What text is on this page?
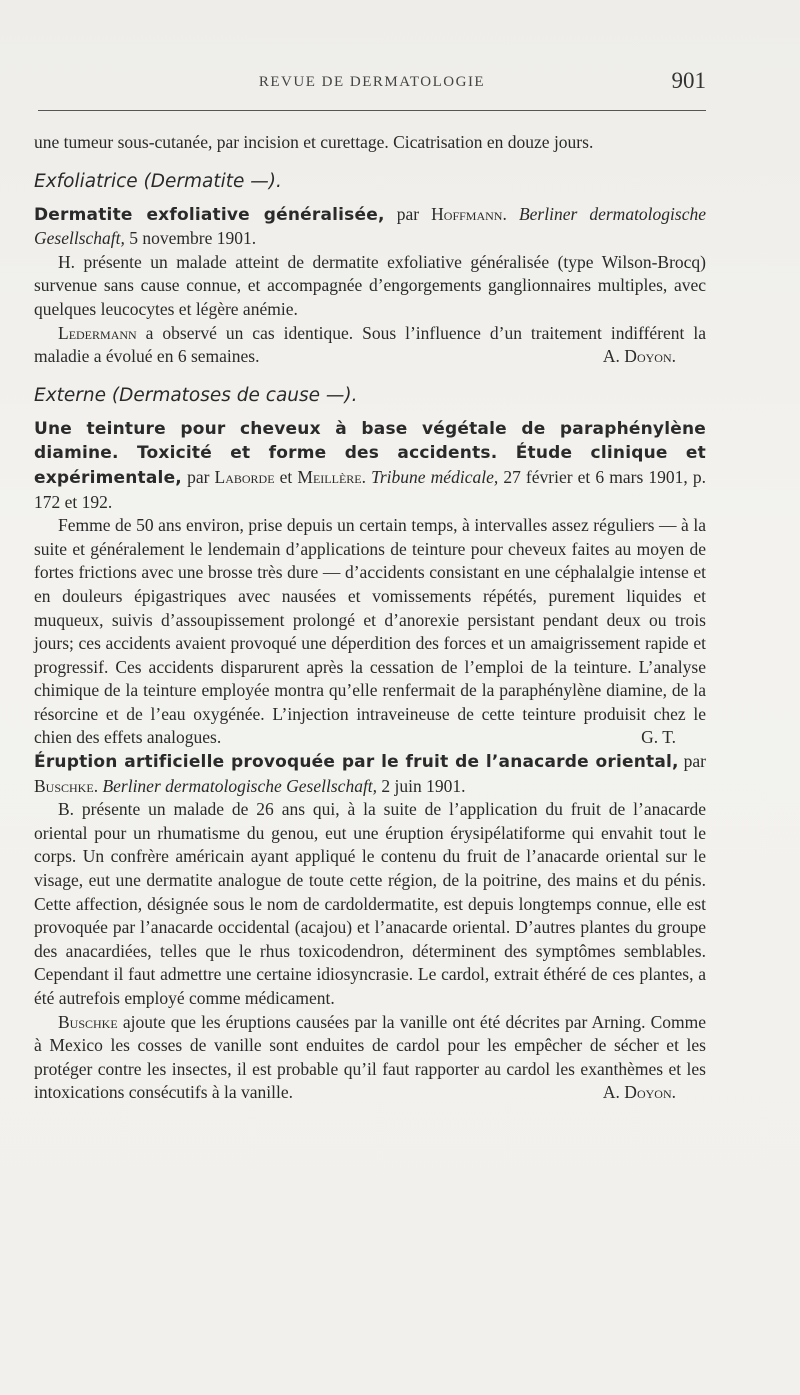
REVUE DE DERMATOLOGIE	901

une tumeur sous-cutanée, par incision et curettage. Cicatrisation en douze jours.

Exfoliatrice (Dermatite —).

Dermatite exfoliative généralisée, par Hoffmann. Berliner dermatologische Gesellschaft, 5 novembre 1901.

H. présente un malade atteint de dermatite exfoliative généralisée (type Wilson-Brocq) survenue sans cause connue, et accompagnée d’engorgements ganglionnaires multiples, avec quelques leucocytes et légère anémie.

Ledermann a observé un cas identique. Sous l’influence d’un traitement indifférent la maladie a évolué en 6 semaines.	A. Doyon.

Externe (Dermatoses de cause —).

Une teinture pour cheveux à base végétale de paraphénylène diamine. Toxicité et forme des accidents. Étude clinique et expérimentale, par Laborde et Meillère. Tribune médicale, 27 février et 6 mars 1901, p. 172 et 192.

Femme de 50 ans environ, prise depuis un certain temps, à intervalles assez réguliers — à la suite et généralement le lendemain d’applications de teinture pour cheveux faites au moyen de fortes frictions avec une brosse très dure — d’accidents consistant en une céphalalgie intense et en douleurs épigastriques avec nausées et vomissements répétés, purement liquides et muqueux, suivis d’assoupissement prolongé et d’anorexie persistant pendant deux ou trois jours; ces accidents avaient provoqué une déperdition des forces et un amaigrissement rapide et progressif. Ces accidents disparurent après la cessation de l’emploi de la teinture. L’analyse chimique de la teinture employée montra qu’elle renfermait de la paraphénylène diamine, de la résorcine et de l’eau oxygénée. L’injection intraveineuse de cette teinture produisit chez le chien des effets analogues.	G. T.

Éruption artificielle provoquée par le fruit de l’anacarde oriental, par Buschke. Berliner dermatologische Gesellschaft, 2 juin 1901.

B. présente un malade de 26 ans qui, à la suite de l’application du fruit de l’anacarde oriental pour un rhumatisme du genou, eut une éruption érysipélatiforme qui envahit tout le corps. Un confrère américain ayant appliqué le contenu du fruit de l’anacarde oriental sur le visage, eut une dermatite analogue de toute cette région, de la poitrine, des mains et du pénis. Cette affection, désignée sous le nom de cardoldermatite, est depuis longtemps connue, elle est provoquée par l’anacarde occidental (acajou) et l’anacarde oriental. D’autres plantes du groupe des anacardiées, telles que le rhus toxicodendron, déterminent des symptômes semblables. Cependant il faut admettre une certaine idiosyncrasie. Le cardol, extrait éthéré de ces plantes, a été autrefois employé comme médicament.

Buschke ajoute que les éruptions causées par la vanille ont été décrites par Arning. Comme à Mexico les cosses de vanille sont enduites de cardol pour les empêcher de sécher et les protéger contre les insectes, il est probable qu’il faut rapporter au cardol les exanthèmes et les intoxications consécutifs à la vanille.	A. Doyon.
